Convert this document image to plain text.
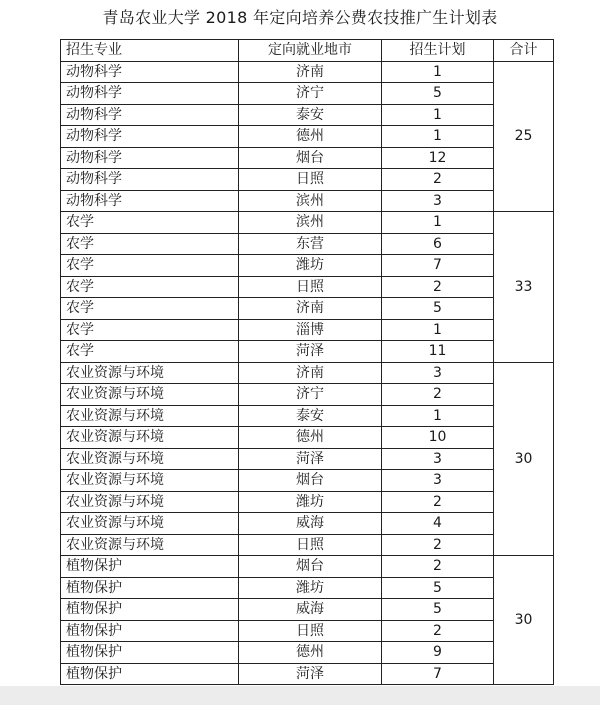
青岛农业大学 2018 年定向培养公费农技推广生计划表
招生专业	定向就业地市	招生计划	合计
动物科学	济南	1	25
动物科学	济宁	5	
动物科学	泰安	1	
动物科学	德州	1	
动物科学	烟台	12	
动物科学	日照	2	
动物科学	滨州	3	
农学	滨州	1	33
农学	东营	6	
农学	潍坊	7	
农学	日照	2	
农学	济南	5	
农学	淄博	1	
农学	菏泽	11	
农业资源与环境	济南	3	30
农业资源与环境	济宁	2	
农业资源与环境	泰安	1	
农业资源与环境	德州	10	
农业资源与环境	菏泽	3	
农业资源与环境	烟台	3	
农业资源与环境	潍坊	2	
农业资源与环境	威海	4	
农业资源与环境	日照	2	
植物保护	烟台	2	30
植物保护	潍坊	5	
植物保护	威海	5	
植物保护	日照	2	
植物保护	德州	9	
植物保护	菏泽	7	
